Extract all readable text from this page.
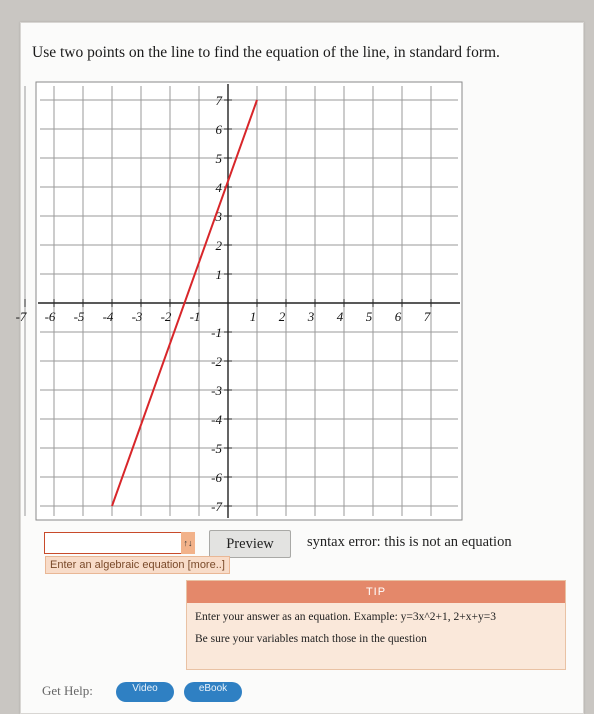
Use two points on the line to find the equation of the line, in standard form.
-7 -6 -5 -4 -3 -2 -1	1 2 3 4 5 6 7
7
6
5
4
3
2
1
-1
-2
-3
-4
-5
-6
-7
↑↓	Preview	syntax error: this is not an equation
Enter an algebraic equation [more..]
TIP
Enter your answer as an equation. Example: y=3x^2+1, 2+x+y=3
Be sure your variables match those in the question
Get Help:	Video	eBook
